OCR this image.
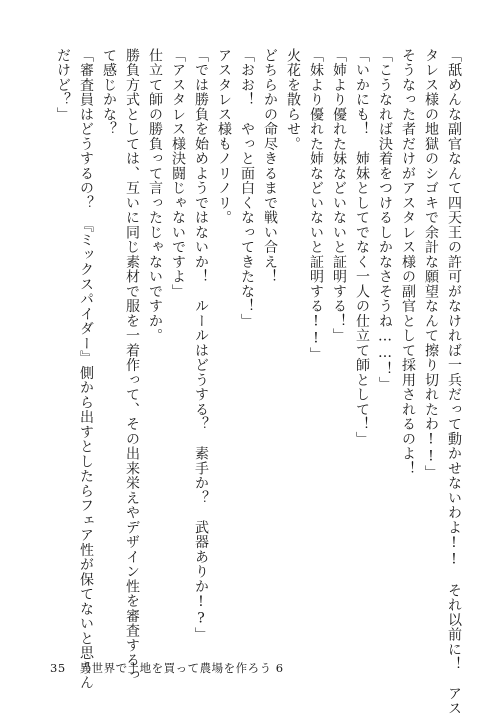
「舐めんな副官なんて四天王の許可がなければ一兵だって動かせないわよ!!　それ以前に！　アス
タレス様の地獄のシゴキで余計な願望なんて擦り切れたわ!!」
そうなった者だけがアスタレス様の副官として採用されるのよ！
「こうなれば決着をつけるしかなさそうね……！」
「いかにも！　姉妹としてでなく一人の仕立て師として！」
「姉より優れた妹などいないと証明する！」
「妹より優れた姉などいないと証明する!!」
火花を散らせ。
どちらかの命尽きるまで戦い合え！
「おお！　やっと面白くなってきたな！」
アスタレス様もノリノリ。
「では勝負を始めようではないか！　ルールはどうする？　素手か？　武器ありか!?」
「アスタレス様決闘じゃないですよ」
仕立て師の勝負って言ったじゃないですか。
勝負方式としては、互いに同じ素材で服を一着作って、その出来栄えやデザイン性を審査するっ
て感じかな？
「審査員はどうするの？　『ミックスパイダー』側から出すとしたらフェア性が保てないと思うん
だけど？」
35 異世界で土地を買って農場を作ろう 6
